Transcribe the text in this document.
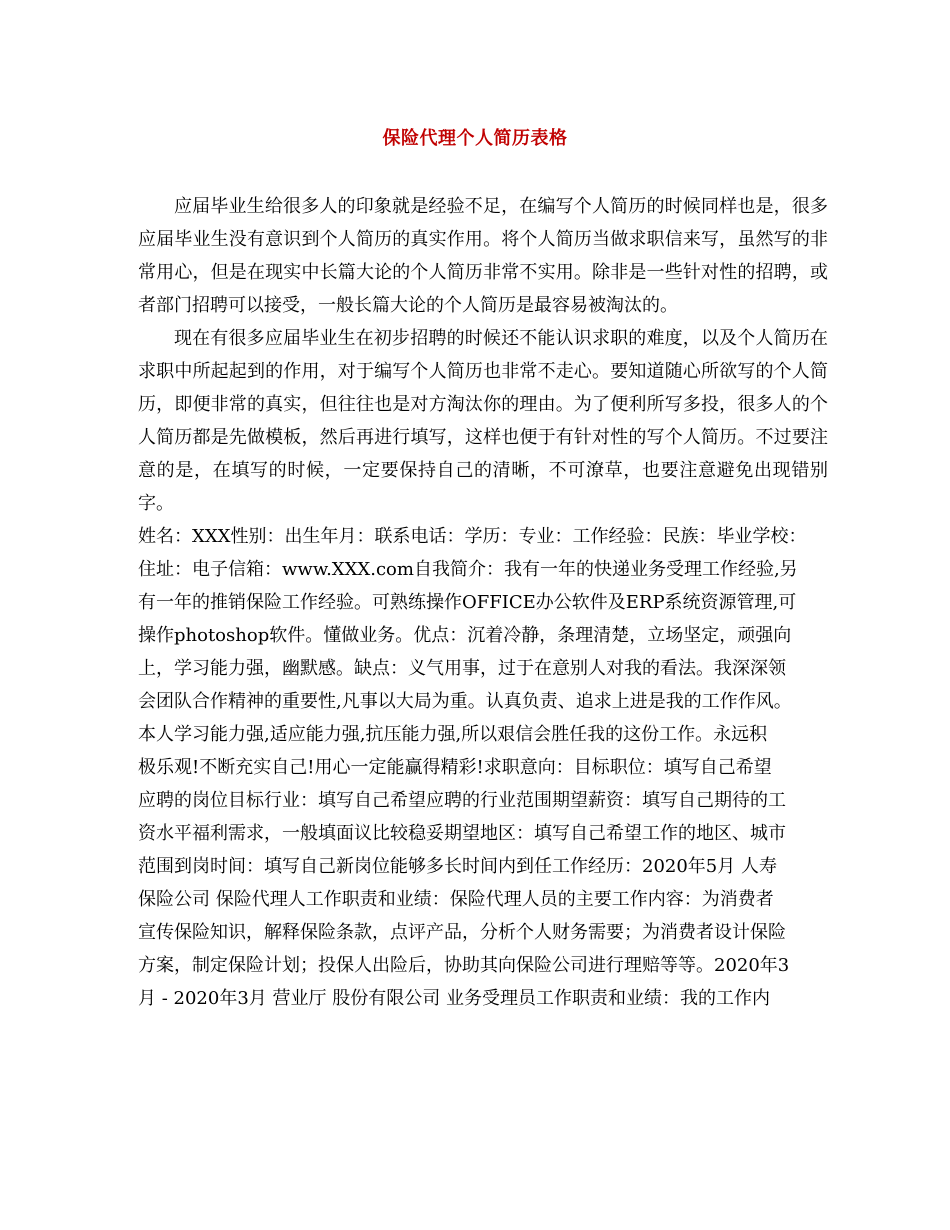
保险代理个人简历表格

应届毕业生给很多人的印象就是经验不足，在编写个人简历的时候同样也是，很多应届毕业生没有意识到个人简历的真实作用。将个人简历当做求职信来写，虽然写的非常用心，但是在现实中长篇大论的个人简历非常不实用。除非是一些针对性的招聘，或者部门招聘可以接受，一般长篇大论的个人简历是最容易被淘汰的。

现在有很多应届毕业生在初步招聘的时候还不能认识求职的难度，以及个人简历在求职中所起起到的作用，对于编写个人简历也非常不走心。要知道随心所欲写的个人简历，即便非常的真实，但往往也是对方淘汰你的理由。为了便利所写多投，很多人的个人简历都是先做模板，然后再进行填写，这样也便于有针对性的写个人简历。不过要注意的是，在填写的时候，一定要保持自己的清晰，不可潦草，也要注意避免出现错别字。

姓名：XXX性别：出生年月：联系电话：学历：专业：工作经验：民族：毕业学校：
住址：电子信箱：www.XXX.com自我简介：我有一年的快递业务受理工作经验,另
有一年的推销保险工作经验。可熟练操作OFFICE办公软件及ERP系统资源管理,可
操作photoshop软件。懂做业务。优点：沉着冷静，条理清楚，立场坚定，顽强向
上，学习能力强，幽默感。缺点：义气用事，过于在意别人对我的看法。我深深领
会团队合作精神的重要性,凡事以大局为重。认真负责、追求上进是我的工作作风。
本人学习能力强,适应能力强,抗压能力强,所以艰信会胜任我的这份工作。永远积
极乐观!不断充实自己!用心一定能赢得精彩!求职意向：目标职位：填写自己希望
应聘的岗位目标行业：填写自己希望应聘的行业范围期望薪资：填写自己期待的工
资水平福利需求，一般填面议比较稳妥期望地区：填写自己希望工作的地区、城市
范围到岗时间：填写自己新岗位能够多长时间内到任工作经历：2020年5月 人寿
保险公司 保险代理人工作职责和业绩：保险代理人员的主要工作内容：为消费者
宣传保险知识，解释保险条款，点评产品，分析个人财务需要；为消费者设计保险
方案，制定保险计划；投保人出险后，协助其向保险公司进行理赔等等。2020年3
月 - 2020年3月 营业厅 股份有限公司 业务受理员工作职责和业绩：我的工作内
